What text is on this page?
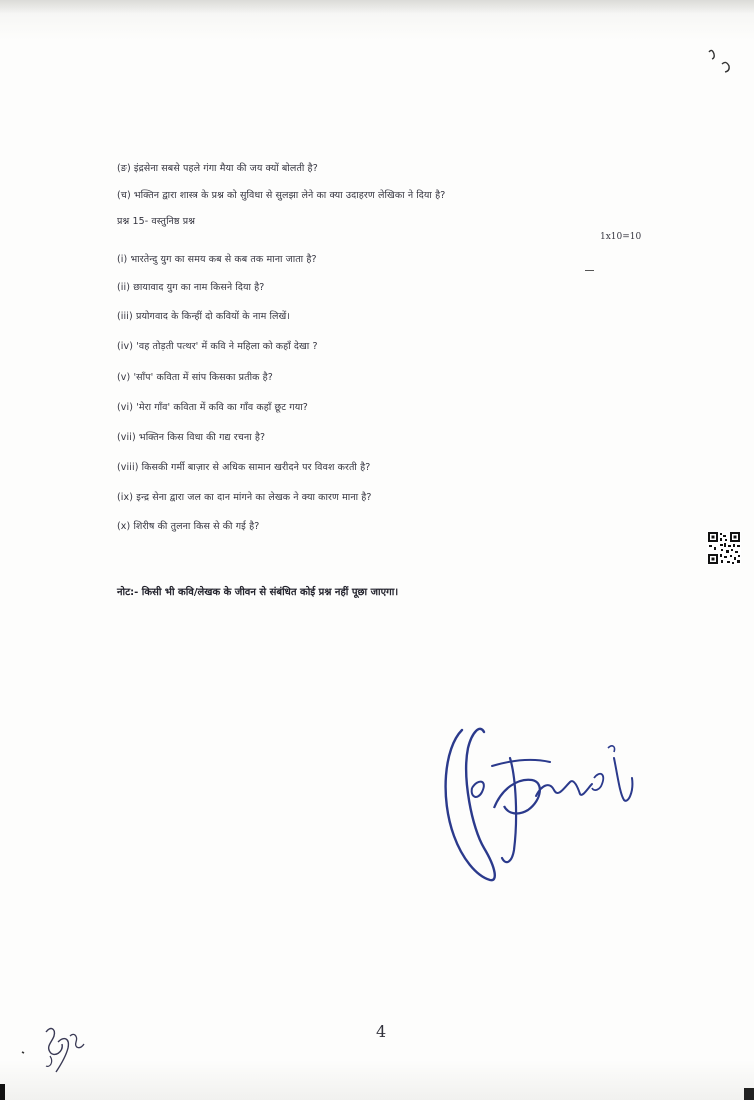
(ङ) इंद्रसेना सबसे पहले गंगा मैया की जय क्यों बोलती है?
(च) भक्तिन द्वारा शास्त्र के प्रश्न को सुविधा से सुलझा लेने का क्या उदाहरण लेखिका ने दिया है?
प्रश्न 15- वस्तुनिष्ठ प्रश्न
1x10=10
(i) भारतेन्दु युग का समय कब से कब तक माना जाता है?
(ii) छायावाद युग का नाम किसने दिया है?
(iii) प्रयोगवाद के किन्हीं दो कवियों के नाम लिखें।
(iv) 'वह तोड़ती पत्थर' में कवि ने महिला को कहाँ देखा ?
(v) 'साँप' कविता में सांप किसका प्रतीक है?
(vi) 'मेरा गाँव' कविता में कवि का गाँव कहाँ छूट गया?
(vii) भक्तिन किस विधा की गद्य रचना है?
(viii) किसकी गर्मी बाज़ार से अधिक सामान खरीदने पर विवश करती है?
(ix) इन्द्र सेना द्वारा जल का दान मांगने का लेखक ने क्या कारण माना है?
(x) शिरीष की तुलना किस से की गई है?
नोट:- किसी भी कवि/लेखक के जीवन से संबंधित कोई प्रश्न नहीं पूछा जाएगा।
4
